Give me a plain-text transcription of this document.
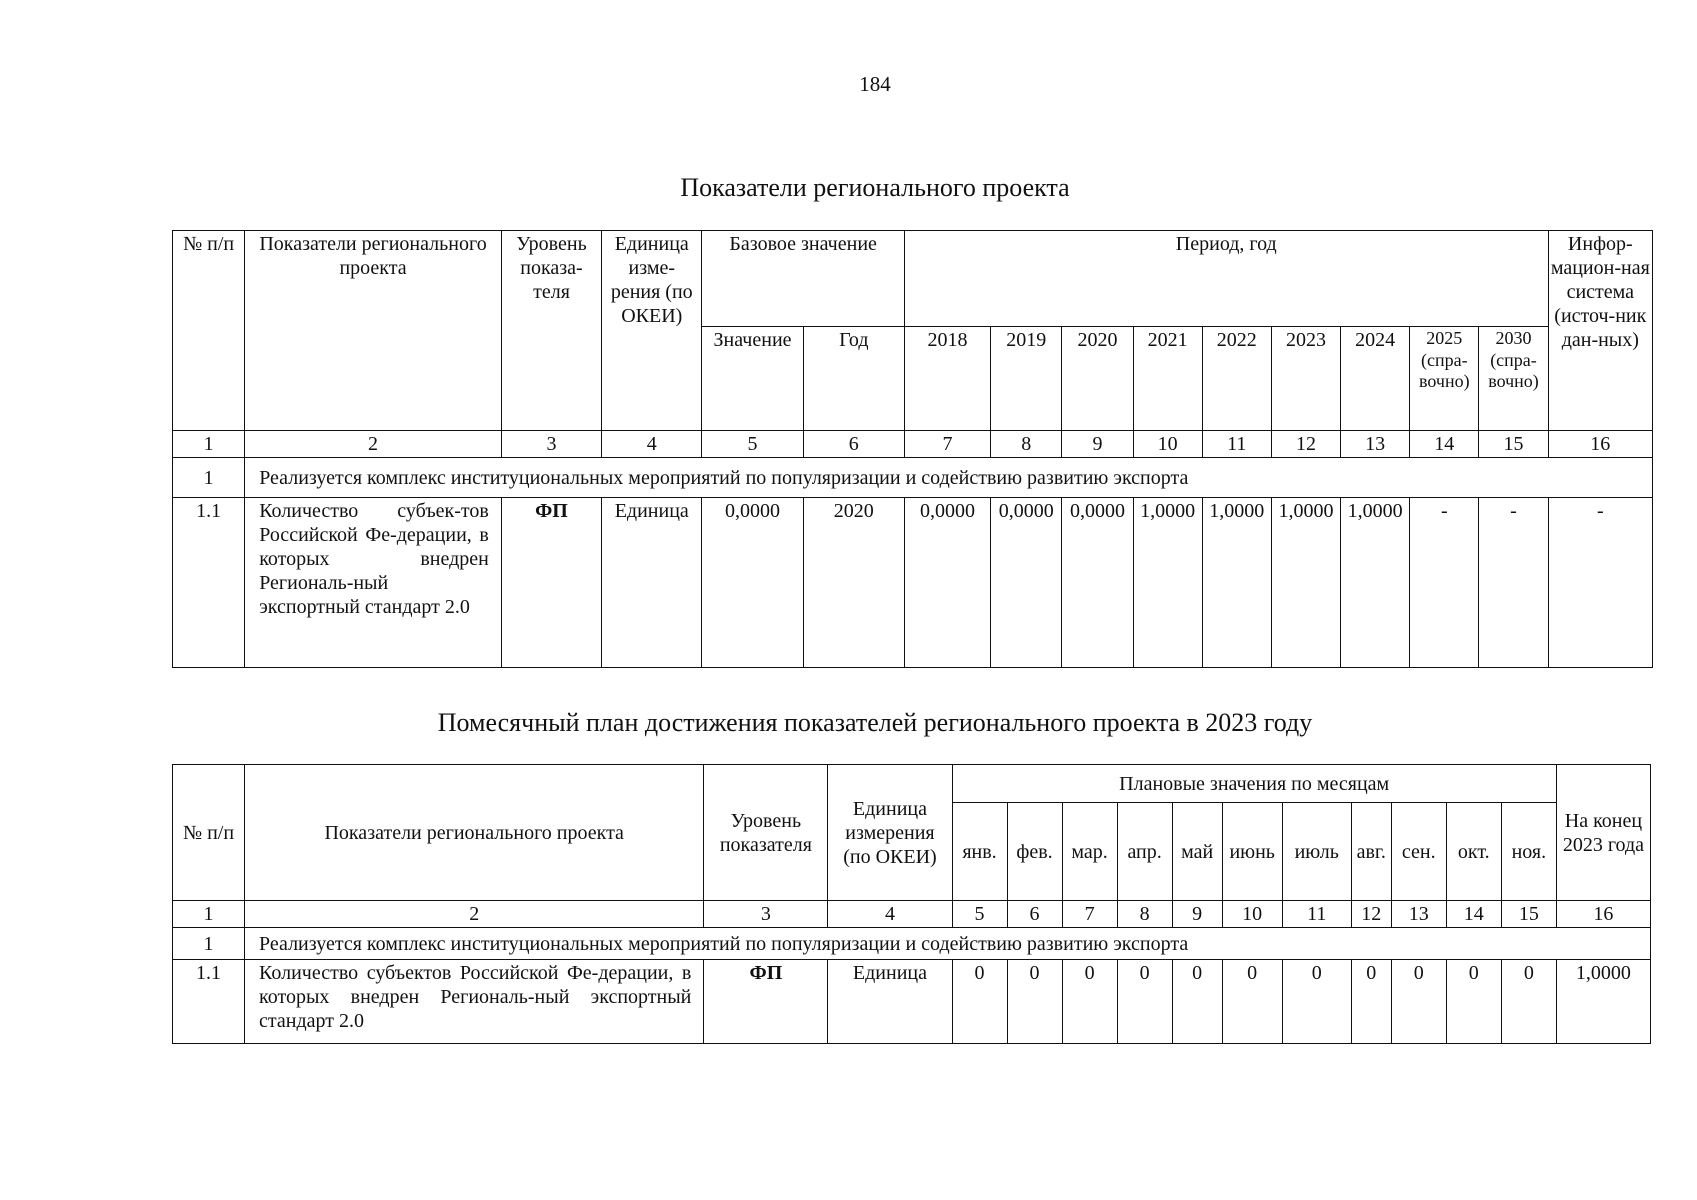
184
Показатели регионального проекта
№ п/п	Показатели регионального проекта	Уровень показа-теля	Единица изме-рения (по ОКЕИ)	Базовое значение		Период, год									Инфор-мацион-ная система (источ-ник дан-ных)
				Значение	Год	2018	2019	2020	2021	2022	2023	2024	2025 (спра-вочно)	2030 (спра-вочно)	
1	2	3	4	5	6	7	8	9	10	11	12	13	14	15	16
1	Реализуется комплекс институциональных мероприятий по популяризации и содействию развитию экспорта														
1.1	Количество субъек-тов Российской Фе-дерации, в которых внедрен Региональ-ный экспортный стандарт 2.0	ФП	Единица	0,0000	2020	0,0000	0,0000	0,0000	1,0000	1,0000	1,0000	1,0000	-	-	-
Помесячный план достижения показателей регионального проекта в 2023 году
№ п/п	Показатели регионального проекта	Уровень показателя	Единица измерения (по ОКЕИ)	Плановые значения по месяцам											На конец 2023 года
				янв.	фев.	мар.	апр.	май	июнь	июль	авг.	сен.	окт.	ноя.	
1	2	3	4	5	6	7	8	9	10	11	12	13	14	15	16
1	Реализуется комплекс институциональных мероприятий по популяризации и содействию развитию экспорта														
1.1	Количество субъектов Российской Фе-дерации, в которых внедрен Региональ-ный экспортный стандарт 2.0	ФП	Единица	0	0	0	0	0	0	0	0	0	0	0	1,0000
